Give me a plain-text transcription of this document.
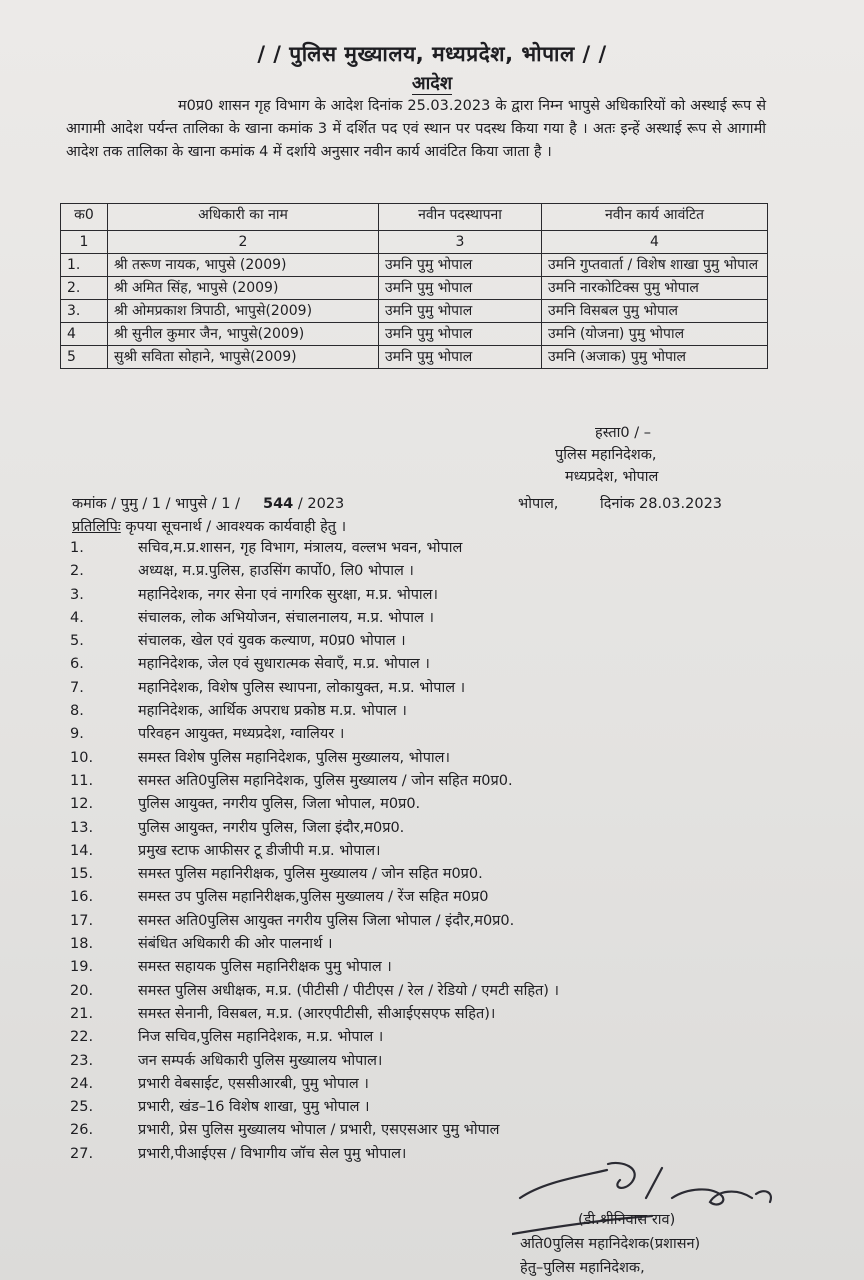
/ / पुलिस मुख्यालय, मध्यप्रदेश, भोपाल / /
आदेश
म0प्र0 शासन गृह विभाग के आदेश दिनांक 25.03.2023 के द्वारा निम्न भापुसे अधिकारियों को अस्थाई रूप से आगामी आदेश पर्यन्त तालिका के खाना कमांक 3 में दर्शित पद एवं स्थान पर पदस्थ किया गया है । अतः इन्हें अस्थाई रूप से आगामी आदेश तक तालिका के खाना कमांक 4 में दर्शाये अनुसार नवीन कार्य आवंटित किया जाता है ।
क0	अधिकारी का नाम	नवीन पदस्थापना	नवीन कार्य आवंटित
1	2	3	4
1.	श्री तरूण नायक, भापुसे (2009)	उमनि पुमु भोपाल	उमनि गुप्तवार्ता / विशेष शाखा पुमु भोपाल
2.	श्री अमित सिंह, भापुसे (2009)	उमनि पुमु भोपाल	उमनि नारकोटिक्स पुमु भोपाल
3.	श्री ओमप्रकाश त्रिपाठी, भापुसे(2009)	उमनि पुमु भोपाल	उमनि विसबल पुमु भोपाल
4	श्री सुनील कुमार जैन, भापुसे(2009)	उमनि पुमु भोपाल	उमनि (योजना) पुमु भोपाल
5	सुश्री सविता सोहाने, भापुसे(2009)	उमनि पुमु भोपाल	उमनि (अजाक) पुमु भोपाल
हस्ता0 / –
पुलिस महानिदेशक,
मध्यप्रदेश, भोपाल
कमांक / पुमु / 1 / भापुसे / 1 / 544 / 2023	भोपाल,	दिनांक 28.03.2023
प्रतिलिपिः कृपया सूचनार्थ / आवश्यक कार्यवाही हेतु ।
1.	सचिव,म.प्र.शासन, गृह विभाग, मंत्रालय, वल्लभ भवन, भोपाल
2.	अध्यक्ष, म.प्र.पुलिस, हाउसिंग कार्पो0, लि0 भोपाल ।
3.	महानिदेशक, नगर सेना एवं नागरिक सुरक्षा, म.प्र. भोपाल।
4.	संचालक, लोक अभियोजन, संचालनालय, म.प्र. भोपाल ।
5.	संचालक, खेल एवं युवक कल्याण, म0प्र0 भोपाल ।
6.	महानिदेशक, जेल एवं सुधारात्मक सेवाएँ, म.प्र. भोपाल ।
7.	महानिदेशक, विशेष पुलिस स्थापना, लोकायुक्त, म.प्र. भोपाल ।
8.	महानिदेशक, आर्थिक अपराध प्रकोष्ठ म.प्र. भोपाल ।
9.	परिवहन आयुक्त, मध्यप्रदेश, ग्वालियर ।
10.	समस्त विशेष पुलिस महानिदेशक, पुलिस मुख्यालय, भोपाल।
11.	समस्त अति0पुलिस महानिदेशक, पुलिस मुख्यालय / जोन सहित म0प्र0.
12.	पुलिस आयुक्त, नगरीय पुलिस, जिला भोपाल, म0प्र0.
13.	पुलिस आयुक्त, नगरीय पुलिस, जिला इंदौर,म0प्र0.
14.	प्रमुख स्टाफ आफीसर टू डीजीपी म.प्र. भोपाल।
15.	समस्त पुलिस महानिरीक्षक, पुलिस मुख्यालय / जोन सहित म0प्र0.
16.	समस्त उप पुलिस महानिरीक्षक,पुलिस मुख्यालय / रेंज सहित म0प्र0
17.	समस्त अति0पुलिस आयुक्त नगरीय पुलिस जिला भोपाल / इंदौर,म0प्र0.
18.	संबंधित अधिकारी की ओर पालनार्थ ।
19.	समस्त सहायक पुलिस महानिरीक्षक पुमु भोपाल ।
20.	समस्त पुलिस अधीक्षक, म.प्र. (पीटीसी / पीटीएस / रेल / रेडियो / एमटी सहित) ।
21.	समस्त सेनानी, विसबल, म.प्र. (आरएपीटीसी, सीआईएसएफ सहित)।
22.	निज सचिव,पुलिस महानिदेशक, म.प्र. भोपाल ।
23.	जन सम्पर्क अधिकारी पुलिस मुख्यालय भोपाल।
24.	प्रभारी वेबसाईट, एससीआरबी, पुमु भोपाल ।
25.	प्रभारी, खंड–16 विशेष शाखा, पुमु भोपाल ।
26.	प्रभारी, प्रेस पुलिस मुख्यालय भोपाल / प्रभारी, एसएसआर पुमु भोपाल
27.	प्रभारी,पीआईएस / विभागीय जॉच सेल पुमु भोपाल।
(डी.श्रीनिवास राव)
अति0पुलिस महानिदेशक(प्रशासन)
हेतु–पुलिस महानिदेशक,
